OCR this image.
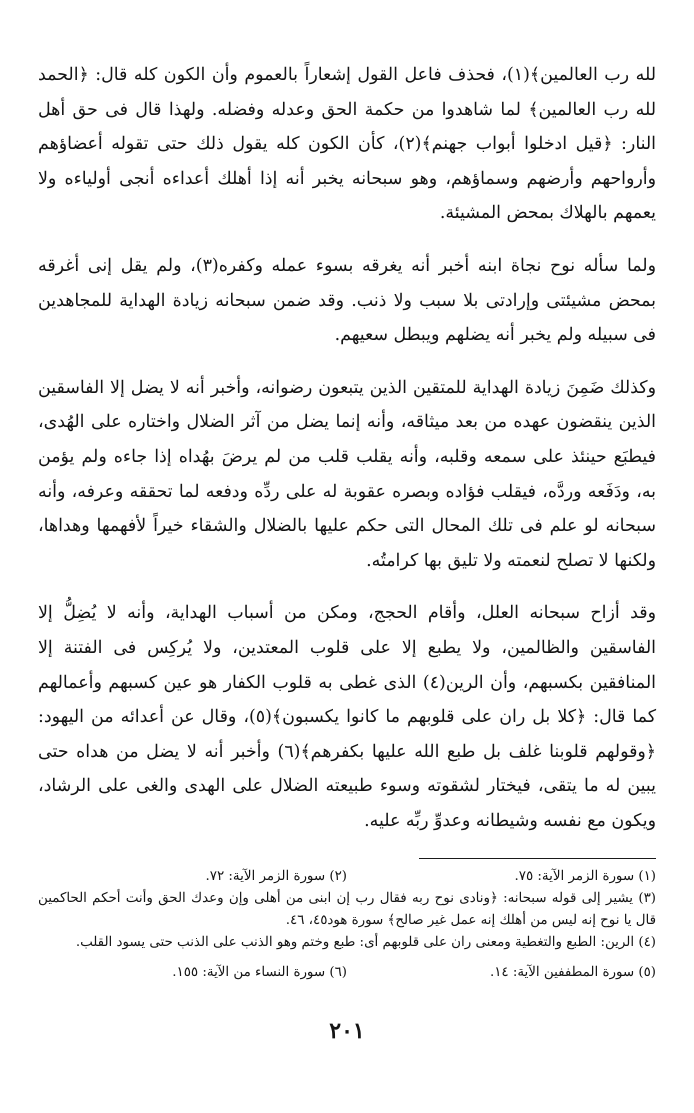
لله رب العالمين﴾(١)، فحذف فاعل القول إشعاراً بالعموم وأن الكون كله قال: ﴿الحمد لله رب العالمين﴾ لما شاهدوا من حكمة الحق وعدله وفضله. ولهذا قال فى حق أهل النار: ﴿قيل ادخلوا أبواب جهنم﴾(٢)، كأن الكون كله يقول ذلك حتى تقوله أعضاؤهم وأرواحهم وأرضهم وسماؤهم، وهو سبحانه يخبر أنه إذا أهلك أعداءه أنجى أولياءه ولا يعمهم بالهلاك بمحض المشيئة.

ولما سأله نوح نجاة ابنه أخبر أنه يغرقه بسوء عمله وكفره(٣)، ولم يقل إنى أغرقه بمحض مشيئتى وإرادتى بلا سبب ولا ذنب. وقد ضمن سبحانه زيادة الهداية للمجاهدين فى سبيله ولم يخبر أنه يضلهم ويبطل سعيهم.

وكذلك ضَمِنَ زيادة الهداية للمتقين الذين يتبعون رضوانه، وأخبر أنه لا يضل إلا الفاسقين الذين ينقضون عهده من بعد ميثاقه، وأنه إنما يضل من آثر الضلال واختاره على الهُدى، فيطبَع حينئذ على سمعه وقلبه، وأنه يقلب قلب من لم يرضَ بهُداه إذا جاءه ولم يؤمن به، ودَفَعه وردَّه، فيقلب فؤاده وبصره عقوبة له على ردِّه ودفعه لما تحققه وعرفه، وأنه سبحانه لو علم فى تلك المحال التى حكم عليها بالضلال والشقاء خيراً لأفهمها وهداها، ولكنها لا تصلح لنعمته ولا تليق بها كرامتُه.

وقد أزاح سبحانه العلل، وأقام الحجج، ومكن من أسباب الهداية، وأنه لا يُضِلُّ إلا الفاسقين والظالمين، ولا يطبع إلا على قلوب المعتدين، ولا يُركِس فى الفتنة إلا المنافقين بكسبهم، وأن الرين(٤) الذى غطى به قلوب الكفار هو عين كسبهم وأعمالهم كما قال: ﴿كلا بل ران على قلوبهم ما كانوا يكسبون﴾(٥)، وقال عن أعدائه من اليهود: ﴿وقولهم قلوبنا غلف بل طبع الله عليها بكفرهم﴾(٦) وأخبر أنه لا يضل من هداه حتى يبين له ما يتقى، فيختار لشقوته وسوء طبيعته الضلال على الهدى والغى على الرشاد، ويكون مع نفسه وشيطانه وعدوِّ ربِّه عليه.

(١) سورة الزمر الآية: ٧٥.
(٢) سورة الزمر الآية: ٧٢.
(٣) يشير إلى قوله سبحانه: ﴿ونادى نوح ربه فقال رب إن ابنى من أهلى وإن وعدك الحق وأنت أحكم الحاكمين قال يا نوح إنه ليس من أهلك إنه عمل غير صالح﴾ سورة هود٤٥، ٤٦.
(٤) الرين: الطبع والتغطية ومعنى ران على قلوبهم أى: طبع وختم وهو الذنب على الذنب حتى يسود القلب.
(٥) سورة المطففين الآية: ١٤.
(٦) سورة النساء من الآية: ١٥٥.
٢٠١
